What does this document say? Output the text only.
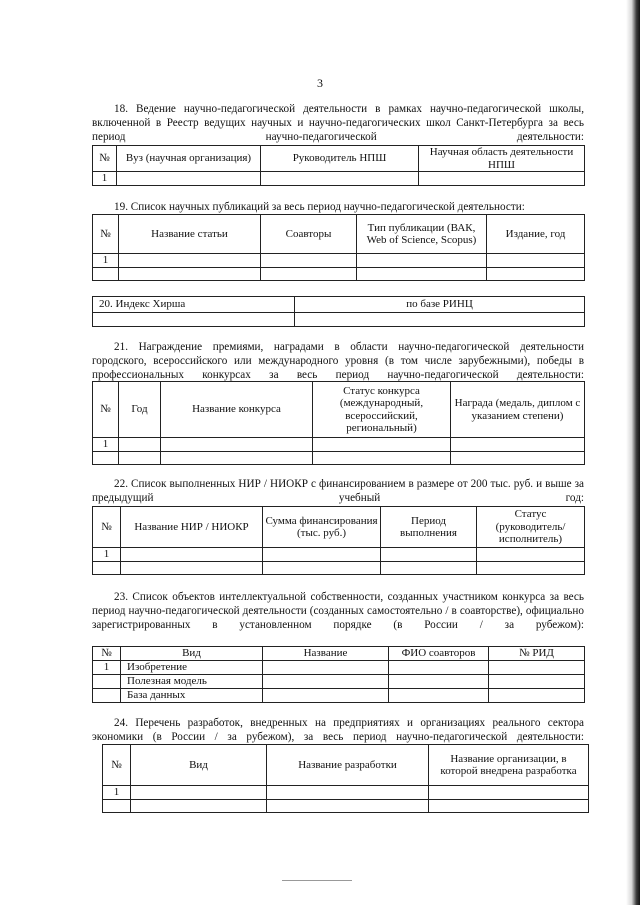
3

18. Ведение научно-педагогической деятельности в рамках научно-педагогической школы, включенной в Реестр ведущих научных и научно-педагогических школ Санкт-Петербурга за весь период научно-педагогической деятельности:

№	Вуз (научная организация)	Руководитель НПШ	Научная область деятельности НПШ
1			

19. Список научных публикаций за весь период научно-педагогической деятельности:

№	Название статьи	Соавторы	Тип публикации (ВАК, Web of Science, Scopus)	Издание, год
1				

20. Индекс Хирша	по базе РИНЦ

21. Награждение премиями, наградами в области научно-педагогической деятельности городского, всероссийского или международного уровня (в том числе зарубежными), победы в профессиональных конкурсах за весь период научно-педагогической деятельности:

№	Год	Название конкурса	Статус конкурса (международный, всероссийский, региональный)	Награда (медаль, диплом с указанием степени)
1				

22. Список выполненных НИР / НИОКР с финансированием в размере от 200 тыс. руб. и выше за предыдущий учебный год:

№	Название НИР / НИОКР	Сумма финансирования (тыс. руб.)	Период выполнения	Статус (руководитель/ исполнитель)
1				

23. Список объектов интеллектуальной собственности, созданных участником конкурса за весь период научно-педагогической деятельности (созданных самостоятельно / в соавторстве), официально зарегистрированных в установленном порядке (в России / за рубежом):

№	Вид	Название	ФИО соавторов	№ РИД
1	Изобретение			
	Полезная модель			
	База данных			

24. Перечень разработок, внедренных на предприятиях и организациях реального сектора экономики (в России / за рубежом), за весь период научно-педагогической деятельности:

№	Вид	Название разработки	Название организации, в которой внедрена разработка
1			
